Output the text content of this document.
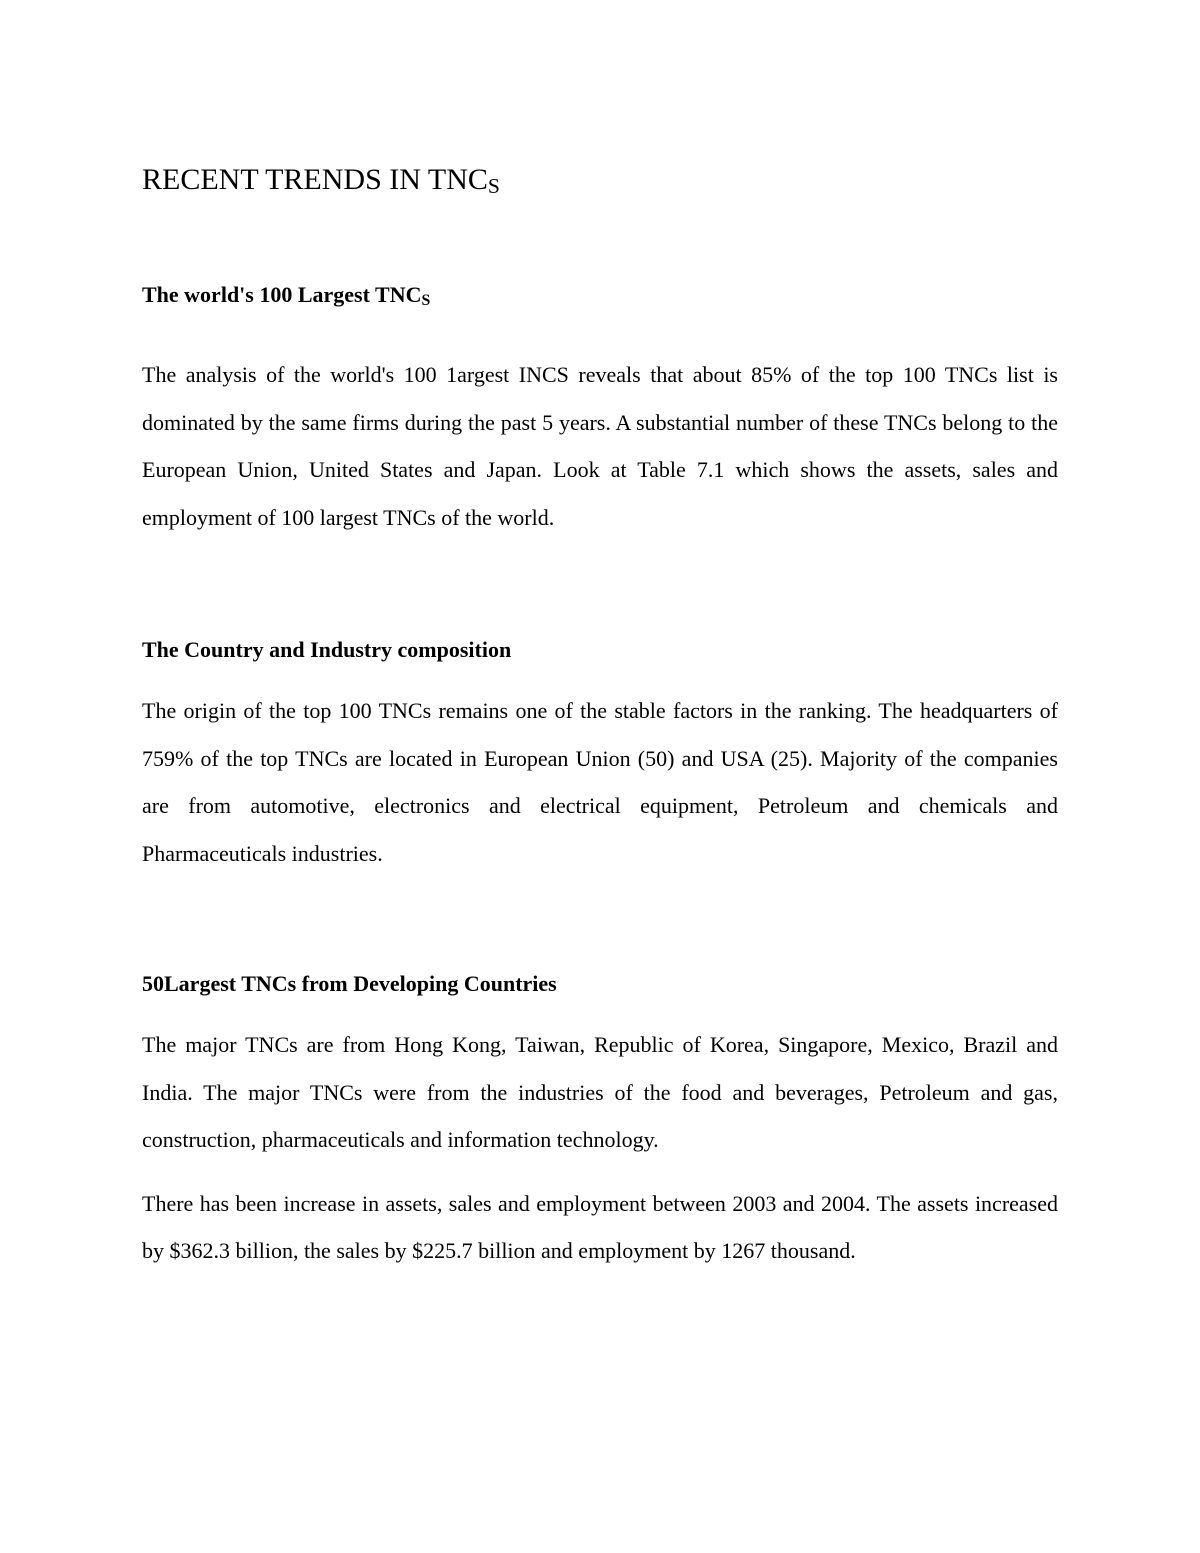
RECENT TRENDS IN TNCS
The world's 100 Largest TNCS

The analysis of the world's 100 1argest INCS reveals that about 85% of the top 100 TNCs list is dominated by the same firms during the past 5 years. A substantial number of these TNCs belong to the European Union, United States and Japan. Look at Table 7.1 which shows the assets, sales and employment of 100 largest TNCs of the world.

The Country and Industry composition

The origin of the top 100 TNCs remains one of the stable factors in the ranking. The headquarters of 759% of the top TNCs are located in European Union (50) and USA (25). Majority of the companies are from automotive, electronics and electrical equipment, Petroleum and chemicals and Pharmaceuticals industries.

50Largest TNCs from Developing Countries

The major TNCs are from Hong Kong, Taiwan, Republic of Korea, Singapore, Mexico, Brazil and India. The major TNCs were from the industries of the food and beverages, Petroleum and gas, construction, pharmaceuticals and information technology.

There has been increase in assets, sales and employment between 2003 and 2004. The assets increased by $362.3 billion, the sales by $225.7 billion and employment by 1267 thousand.
